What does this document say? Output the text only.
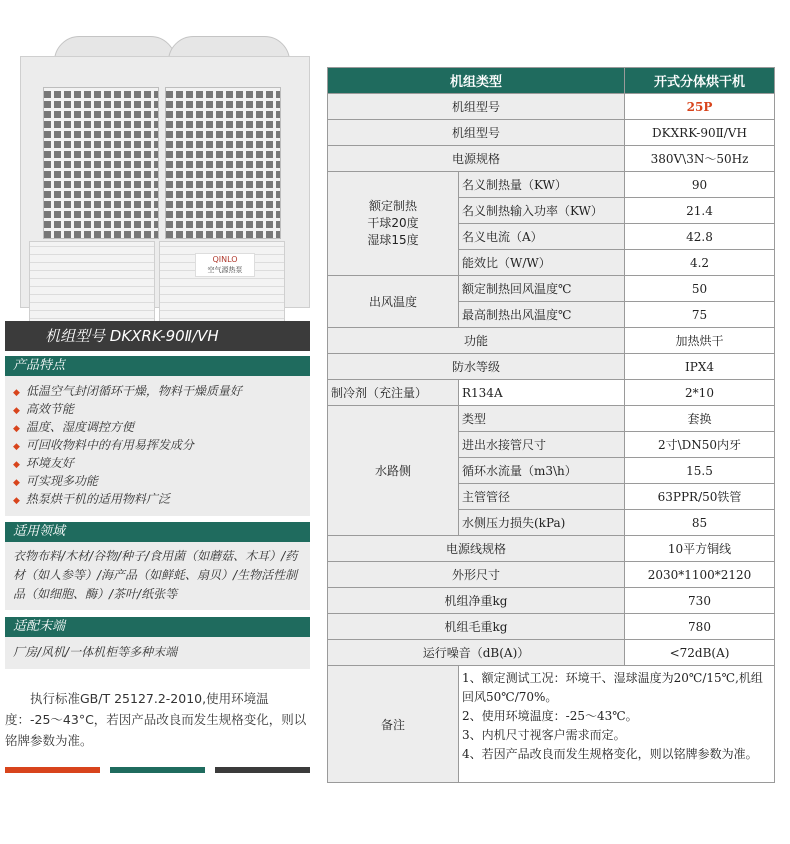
QINLO
空气源热泵
机组型号 DKXRK-90Ⅱ/VH
产品特点
◆ 低温空气封闭循环干燥，物料干燥质量好
◆ 高效节能
◆ 温度、湿度调控方便
◆ 可回收物料中的有用易挥发成分
◆ 环境友好
◆ 可实现多功能
◆ 热泵烘干机的适用物料广泛
适用领域
衣物布料/木材/谷物/种子/食用菌（如蘑菇、木耳）/药材（如人参等）/海产品（如鲜蚝、扇贝）/生物活性制品（如细胞、酶）/茶叶/纸张等
适配末端
厂房/风机/一体机柜等多种末端
执行标准GB/T 25127.2-2010,使用环境温度：-25～43°C，若因产品改良而发生规格变化，则以铭牌参数为准。
机组类型		开式分体烘干机
机组型号		25P
机组型号		DKXRK-90Ⅱ/VH
电源规格		380V\3N～50Hz
额定制热
干球20度
湿球15度	名义制热量（KW）	90
	名义制热输入功率（KW）	21.4
	名义电流（A）	42.8
	能效比（W/W）	4.2
出风温度	额定制热回风温度℃	50
	最高制热出风温度℃	75
功能		加热烘干
防水等级		IPX4
制冷剂（充注量）	R134A	2*10
水路侧	类型	套换
	进出水接管尺寸	2寸\DN50内牙
	循环水流量（m3\h）	15.5
	主管管径	63PPR/50铁管
	水侧压力损失(kPa)	85
电源线规格		10平方铜线
外形尺寸		2030*1100*2120
机组净重kg		730
机组毛重kg		780
运行噪音（dB(A)）		<72dB(A)
备注	1、额定测试工况：环境干、湿球温度为20℃/15℃,机组回风50℃/70%。
2、使用环境温度：-25～43℃。
3、内机尺寸视客户需求而定。
4、若因产品改良而发生规格变化，则以铭牌参数为准。	
